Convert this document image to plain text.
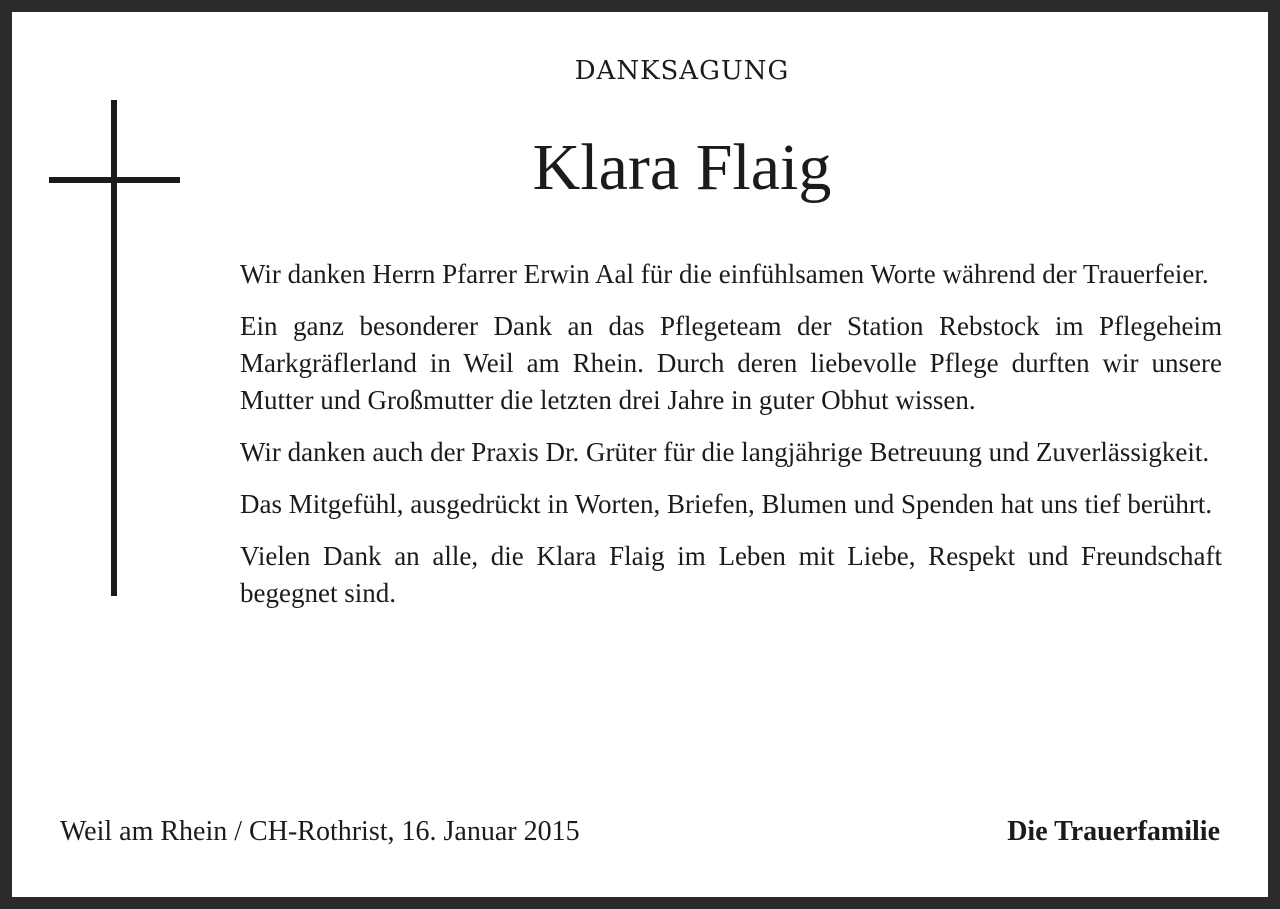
DANKSAGUNG
Klara Flaig

Wir danken Herrn Pfarrer Erwin Aal für die einfühlsamen Worte während der Trauerfeier.

Ein ganz besonderer Dank an das Pflegeteam der Station Rebstock im Pflegeheim Markgräflerland in Weil am Rhein. Durch deren liebevolle Pflege durften wir unsere Mutter und Großmutter die letzten drei Jahre in guter Obhut wissen.

Wir danken auch der Praxis Dr. Grüter für die langjährige Betreuung und Zuverlässigkeit.

Das Mitgefühl, ausgedrückt in Worten, Briefen, Blumen und Spenden hat uns tief berührt.

Vielen Dank an alle, die Klara Flaig im Leben mit Liebe, Respekt und Freundschaft begegnet sind.

Weil am Rhein / CH-Rothrist, 16. Januar 2015	Die Trauerfamilie
